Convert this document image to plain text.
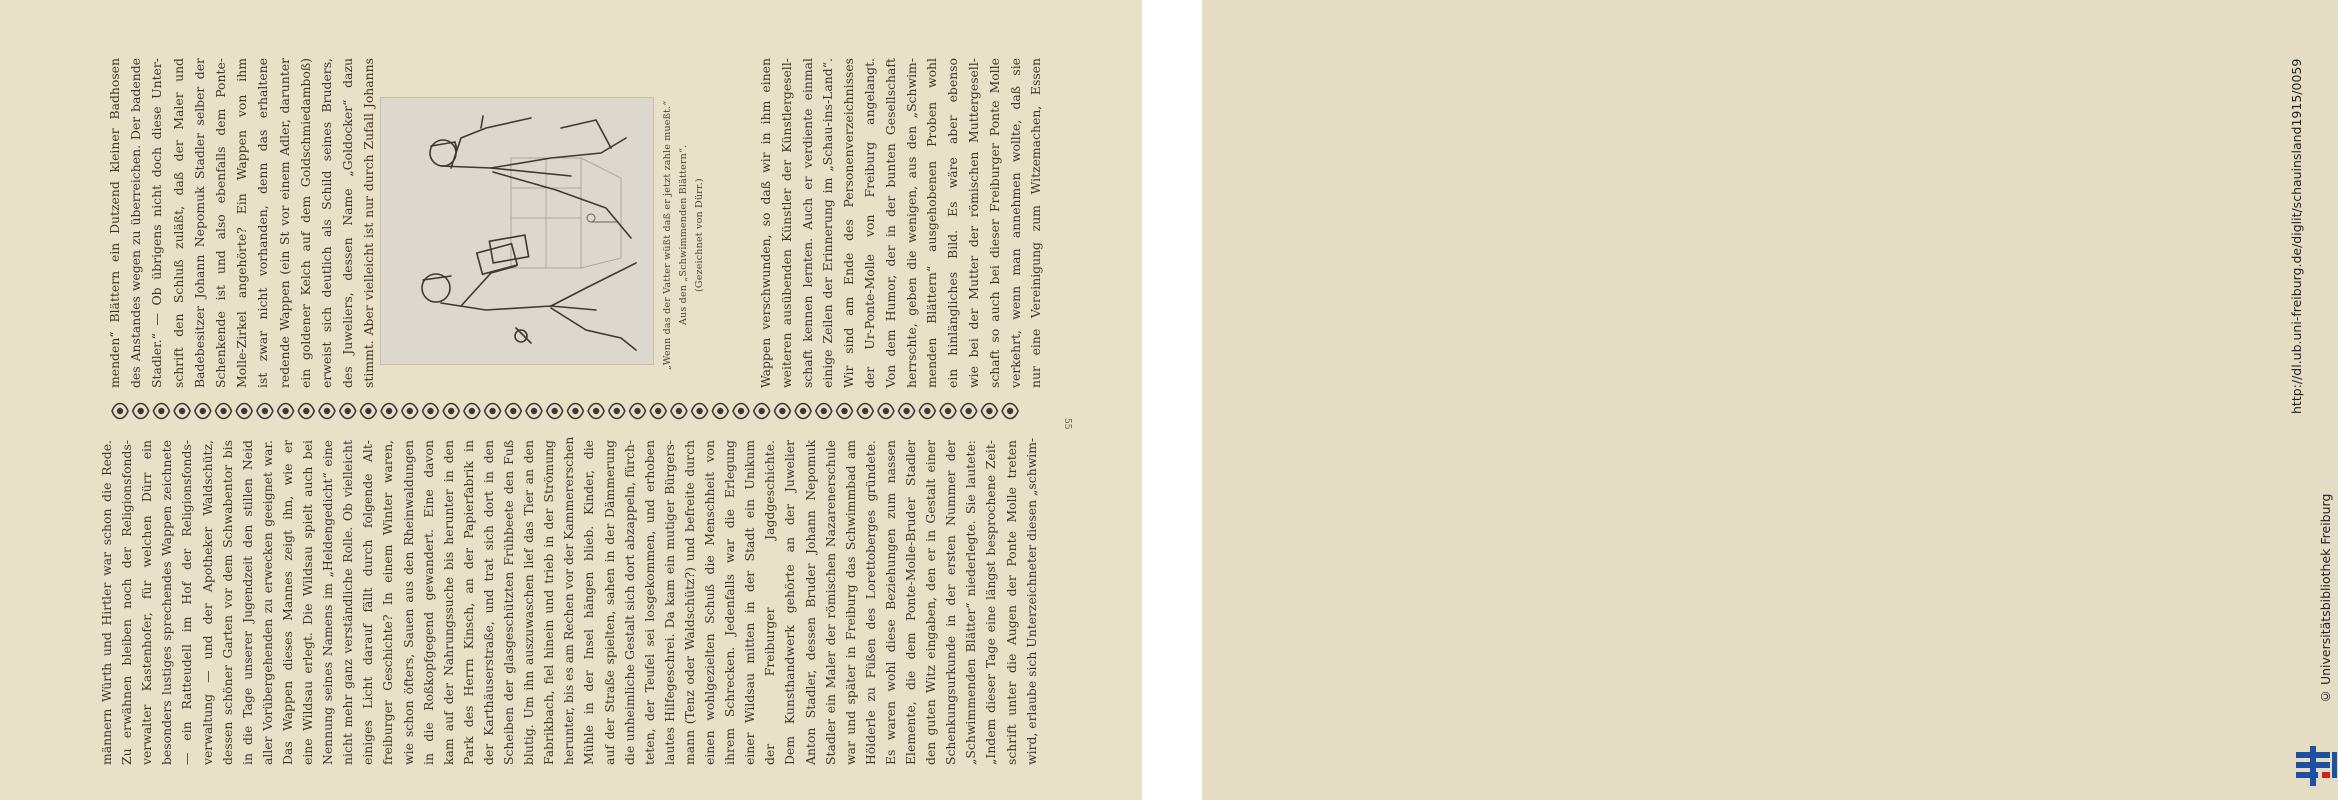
„Wenn das der Vatter wüßt daß er jetzt zahle mueßt.“ Aus den „Schwimmenden Blättern“. (Gezeichnet von Dürr.)
55
männern Würth und Hirtler war schon die Rede. Zu erwähnen bleiben noch der Religionsfonds- verwalter Kastenhofer, für welchen Dürr ein besonders lustiges sprechendes Wappen zeichnete — ein Ratteudell im Hof der Religionsfonds- verwaltung — und der Apotheker Waldschütz, dessen schöner Garten vor dem Schwabentor bis in die Tage unserer Jugendzeit den stillen Neid aller Vorübergehenden zu erwecken geeignet war. Das Wappen dieses Mannes zeigt ihn, wie er eine Wildsau erlegt. Die Wildsau spielt auch bei Nennung seines Namens im „Heldengedicht“ eine nicht mehr ganz verständliche Rolle. Ob vielleicht einiges Licht darauf fällt durch folgende Alt- freiburger Geschichte? In einem Winter waren, wie schon öfters, Sauen aus den Rheinwaldungen in die Roßkopfgegend gewandert. Eine davon kam auf der Nahrungssuche bis herunter in den Park des Herrn Kinsch, an der Papierfabrik in der Karthäuserstraße, und trat sich dort in den Scheiben der glasgeschützten Frühbeete den Fuß blutig. Um ihn auszuwaschen lief das Tier an den Fabrikbach, fiel hinein und trieb in der Strömung herunter, bis es am Rechen vor der Kammererschen Mühle in der Insel hängen blieb. Kinder, die auf der Straße spielten, sahen in der Dämmerung die unheimliche Gestalt sich dort abzappeln, fürch- teten, der Teufel sei losgekommen, und erhoben lautes Hilfegeschrei. Da kam ein mutiger Bürgers- mann (Tenz oder Waldschütz?) und befreite durch einen wohlgezielten Schuß die Menschheit von ihrem Schrecken. Jedenfalls war die Erlegung einer Wildsau mitten in der Stadt ein Unikum der Freiburger Jagdgeschichte. Dem Kunsthandwerk gehörte an der Juwelier Anton Stadler, dessen Bruder Johann Nepomuk Stadler ein Maler der römischen Nazarenerschule war und später in Freiburg das Schwimmbad am Hölderle zu Füßen des Lorettoberges gründete. Es waren wohl diese Beziehungen zum nassen Elemente, die dem Ponte-Molle-Bruder Stadler den guten Witz eingaben, den er in Gestalt einer Schenkungsurkunde in der ersten Nummer der „Schwimmenden Blätter“ niederlegte. Sie lautete: „Indem dieser Tage eine längst besprochene Zeit- schrift unter die Augen der Ponte Molle treten wird, erlaube sich Unterzeichneter diesen „schwim-
menden“ Blättern ein Dutzend kleiner Badhosen des Anstandes wegen zu überreichen. Der badende Stadler.“ — Ob übrigens nicht doch diese Unter- schrift den Schluß zuläßt, daß der Maler und Badebesitzer Johann Nepomuk Stadler selber der Schenkende ist und also ebenfalls dem Ponte- Molle-Zirkel angehörte? Ein Wappen von ihm ist zwar nicht vorhanden, denn das erhaltene redende Wappen (ein St vor einem Adler, darunter ein goldener Kelch auf dem Goldschmiedamboß) erweist sich deutlich als Schild seines Bruders, des Juweliers, dessen Name „Goldocker“ dazu stimmt. Aber vielleicht ist nur durch Zufall Johanns	Wappen verschwunden, so daß wir in ihm einen weiteren ausübenden Künstler der Künstlergesell- schaft kennen lernten. Auch er verdiente einmal einige Zeilen der Erinnerung im „Schau-ins-Land“. Wir sind am Ende des Personenverzeichnisses der Ur-Ponte-Molle von Freiburg angelangt. Von dem Humor, der in der bunten Gesellschaft herrschte, geben die wenigen, aus den „Schwim- menden Blättern“ ausgehobenen Proben wohl ein hinlängliches Bild. Es wäre aber ebenso wie bei der Mutter der römischen Muttergesell- schaft so auch bei dieser Freiburger Ponte Molle verkehrt, wenn man annehmen wollte, daß sie nur eine Vereinigung zum Witzemachen, Essen	http://dl.ub.uni-freiburg.de/diglit/schauinsland1915/0059
© Universitätsbibliothek Freiburg
